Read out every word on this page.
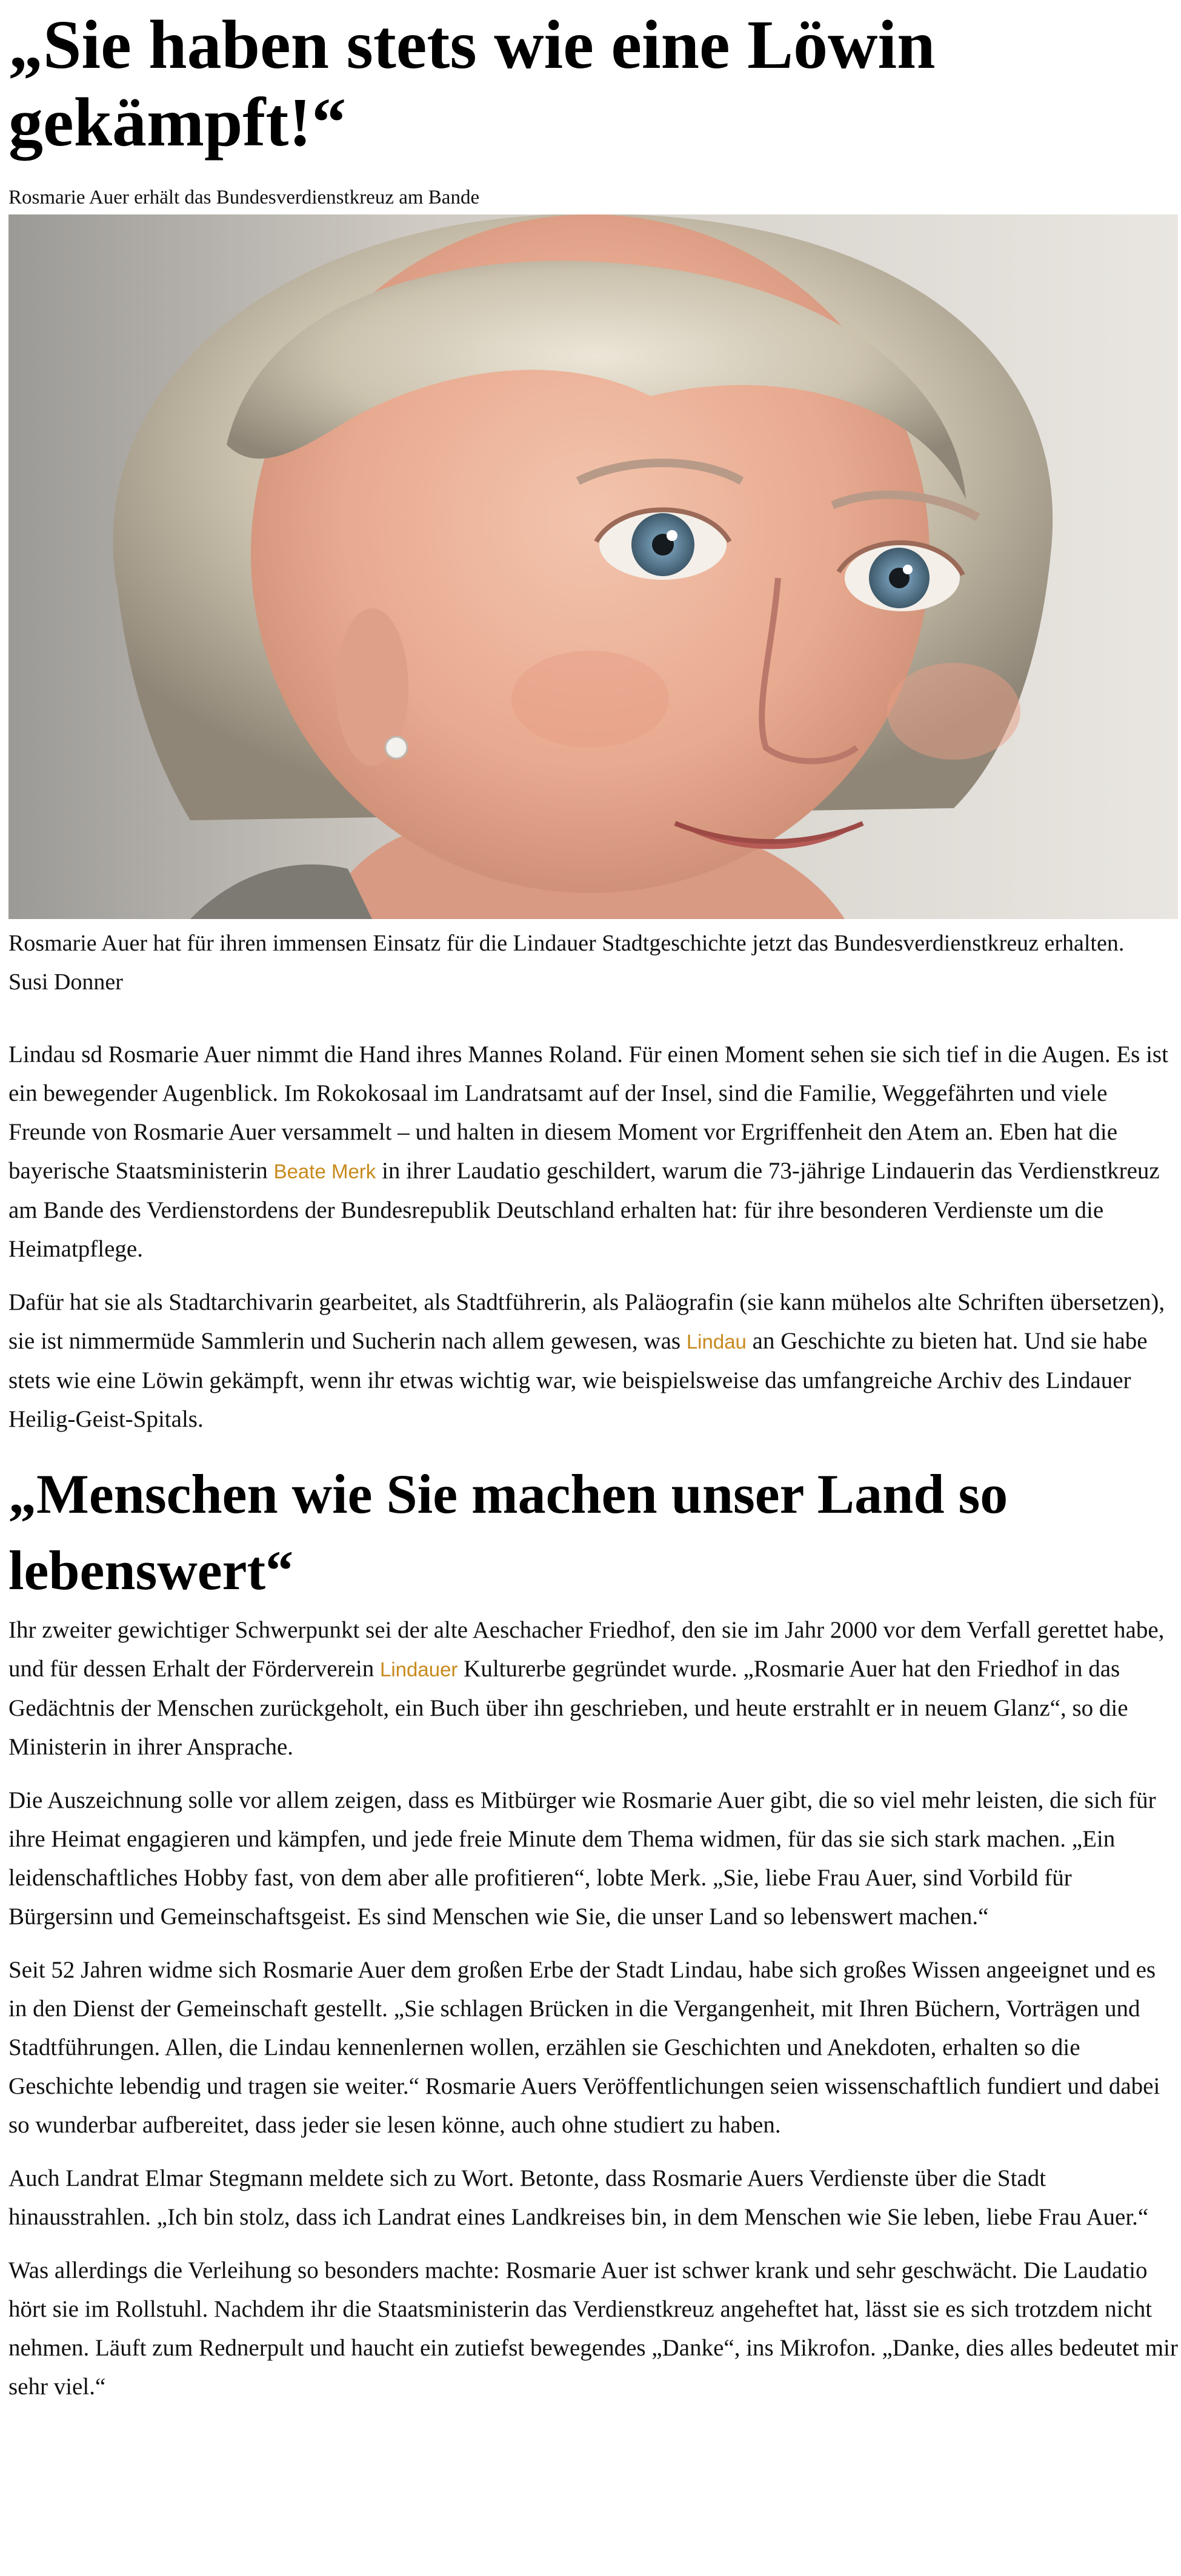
„Sie haben stets wie eine Löwin gekämpft!“

Rosmarie Auer erhält das Bundesverdienstkreuz am Bande

Rosmarie Auer hat für ihren immensen Einsatz für die Lindauer Stadtgeschichte jetzt das Bundesverdienstkreuz erhalten.

Susi Donner

Lindau sd Rosmarie Auer nimmt die Hand ihres Mannes Roland. Für einen Moment sehen sie sich tief in die Augen. Es ist ein bewegender Augenblick. Im Rokokosaal im Landratsamt auf der Insel, sind die Familie, Weggefährten und viele Freunde von Rosmarie Auer versammelt – und halten in diesem Moment vor Ergriffenheit den Atem an. Eben hat die bayerische Staatsministerin Beate Merk in ihrer Laudatio geschildert, warum die 73-jährige Lindauerin das Verdienstkreuz am Bande des Verdienstordens der Bundesrepublik Deutschland erhalten hat: für ihre besonderen Verdienste um die Heimatpflege.

Dafür hat sie als Stadtarchivarin gearbeitet, als Stadtführerin, als Paläografin (sie kann mühelos alte Schriften übersetzen), sie ist nimmermüde Sammlerin und Sucherin nach allem gewesen, was Lindau an Geschichte zu bieten hat. Und sie habe stets wie eine Löwin gekämpft, wenn ihr etwas wichtig war, wie beispielsweise das umfangreiche Archiv des Lindauer Heilig-Geist-Spitals.

„Menschen wie Sie machen unser Land so lebenswert“

Ihr zweiter gewichtiger Schwerpunkt sei der alte Aeschacher Friedhof, den sie im Jahr 2000 vor dem Verfall gerettet habe, und für dessen Erhalt der Förderverein Lindauer Kulturerbe gegründet wurde. „Rosmarie Auer hat den Friedhof in das Gedächtnis der Menschen zurückgeholt, ein Buch über ihn geschrieben, und heute erstrahlt er in neuem Glanz“, so die Ministerin in ihrer Ansprache.

Die Auszeichnung solle vor allem zeigen, dass es Mitbürger wie Rosmarie Auer gibt, die so viel mehr leisten, die sich für ihre Heimat engagieren und kämpfen, und jede freie Minute dem Thema widmen, für das sie sich stark machen. „Ein leidenschaftliches Hobby fast, von dem aber alle profitieren“, lobte Merk. „Sie, liebe Frau Auer, sind Vorbild für Bürgersinn und Gemeinschaftsgeist. Es sind Menschen wie Sie, die unser Land so lebenswert machen.“

Seit 52 Jahren widme sich Rosmarie Auer dem großen Erbe der Stadt Lindau, habe sich großes Wissen angeeignet und es in den Dienst der Gemeinschaft gestellt. „Sie schlagen Brücken in die Vergangenheit, mit Ihren Büchern, Vorträgen und Stadtführungen. Allen, die Lindau kennenlernen wollen, erzählen sie Geschichten und Anekdoten, erhalten so die Geschichte lebendig und tragen sie weiter.“ Rosmarie Auers Veröffentlichungen seien wissenschaftlich fundiert und dabei so wunderbar aufbereitet, dass jeder sie lesen könne, auch ohne studiert zu haben.

Auch Landrat Elmar Stegmann meldete sich zu Wort. Betonte, dass Rosmarie Auers Verdienste über die Stadt hinausstrahlen. „Ich bin stolz, dass ich Landrat eines Landkreises bin, in dem Menschen wie Sie leben, liebe Frau Auer.“

Was allerdings die Verleihung so besonders machte: Rosmarie Auer ist schwer krank und sehr geschwächt. Die Laudatio hört sie im Rollstuhl. Nachdem ihr die Staatsministerin das Verdienstkreuz angeheftet hat, lässt sie es sich trotzdem nicht nehmen. Läuft zum Rednerpult und haucht ein zutiefst bewegendes „Danke“, ins Mikrofon. „Danke, dies alles bedeutet mir sehr viel.“
